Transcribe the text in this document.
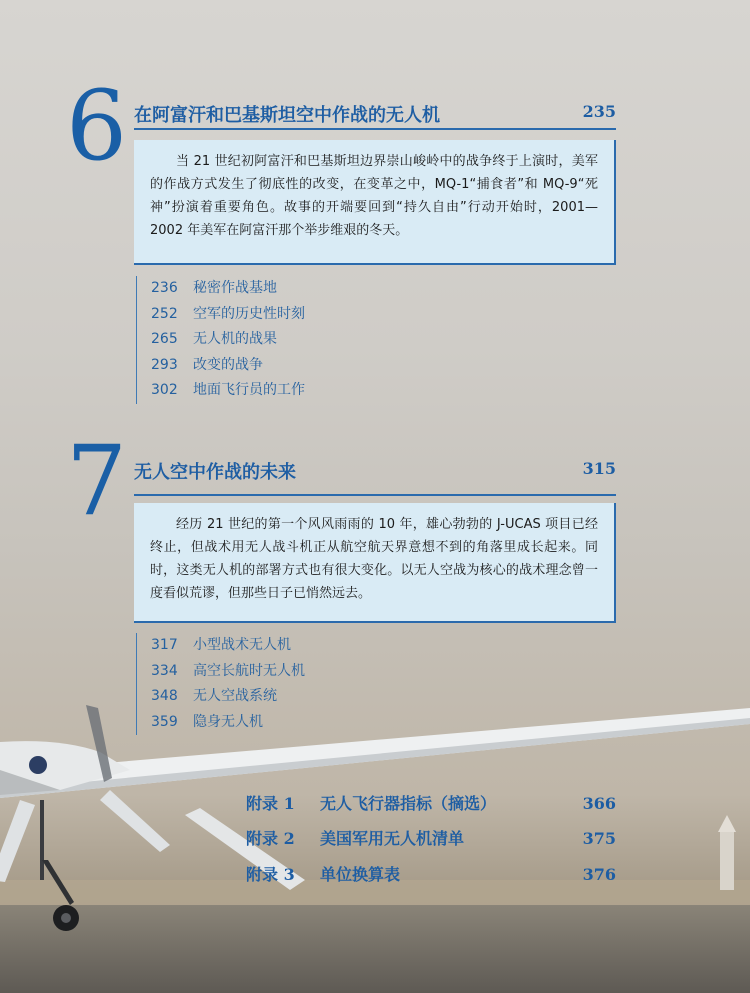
6 在阿富汗和巴基斯坦空中作战的无人机	235

当 21 世纪初阿富汗和巴基斯坦边界崇山峻岭中的战争终于上演时，美军的作战方式发生了彻底性的改变，在变革之中，MQ-1“捕食者”和 MQ-9“死神”扮演着重要角色。故事的开端要回到“持久自由”行动开始时，2001—2002 年美军在阿富汗那个举步维艰的冬天。

236 秘密作战基地
252 空军的历史性时刻
265 无人机的战果
293 改变的战争
302 地面飞行员的工作
7 无人空中作战的未来	315

经历 21 世纪的第一个风风雨雨的 10 年，雄心勃勃的 J-UCAS 项目已经终止，但战术用无人战斗机正从航空航天界意想不到的角落里成长起来。同时，这类无人机的部署方式也有很大变化。以无人空战为核心的战术理念曾一度看似荒谬，但那些日子已悄然远去。

317 小型战术无人机
334 高空长航时无人机
348 无人空战系统
359 隐身无人机
附录 1 无人飞行器指标（摘选）	366
附录 2 美国军用无人机清单	375
附录 3 单位换算表	376
